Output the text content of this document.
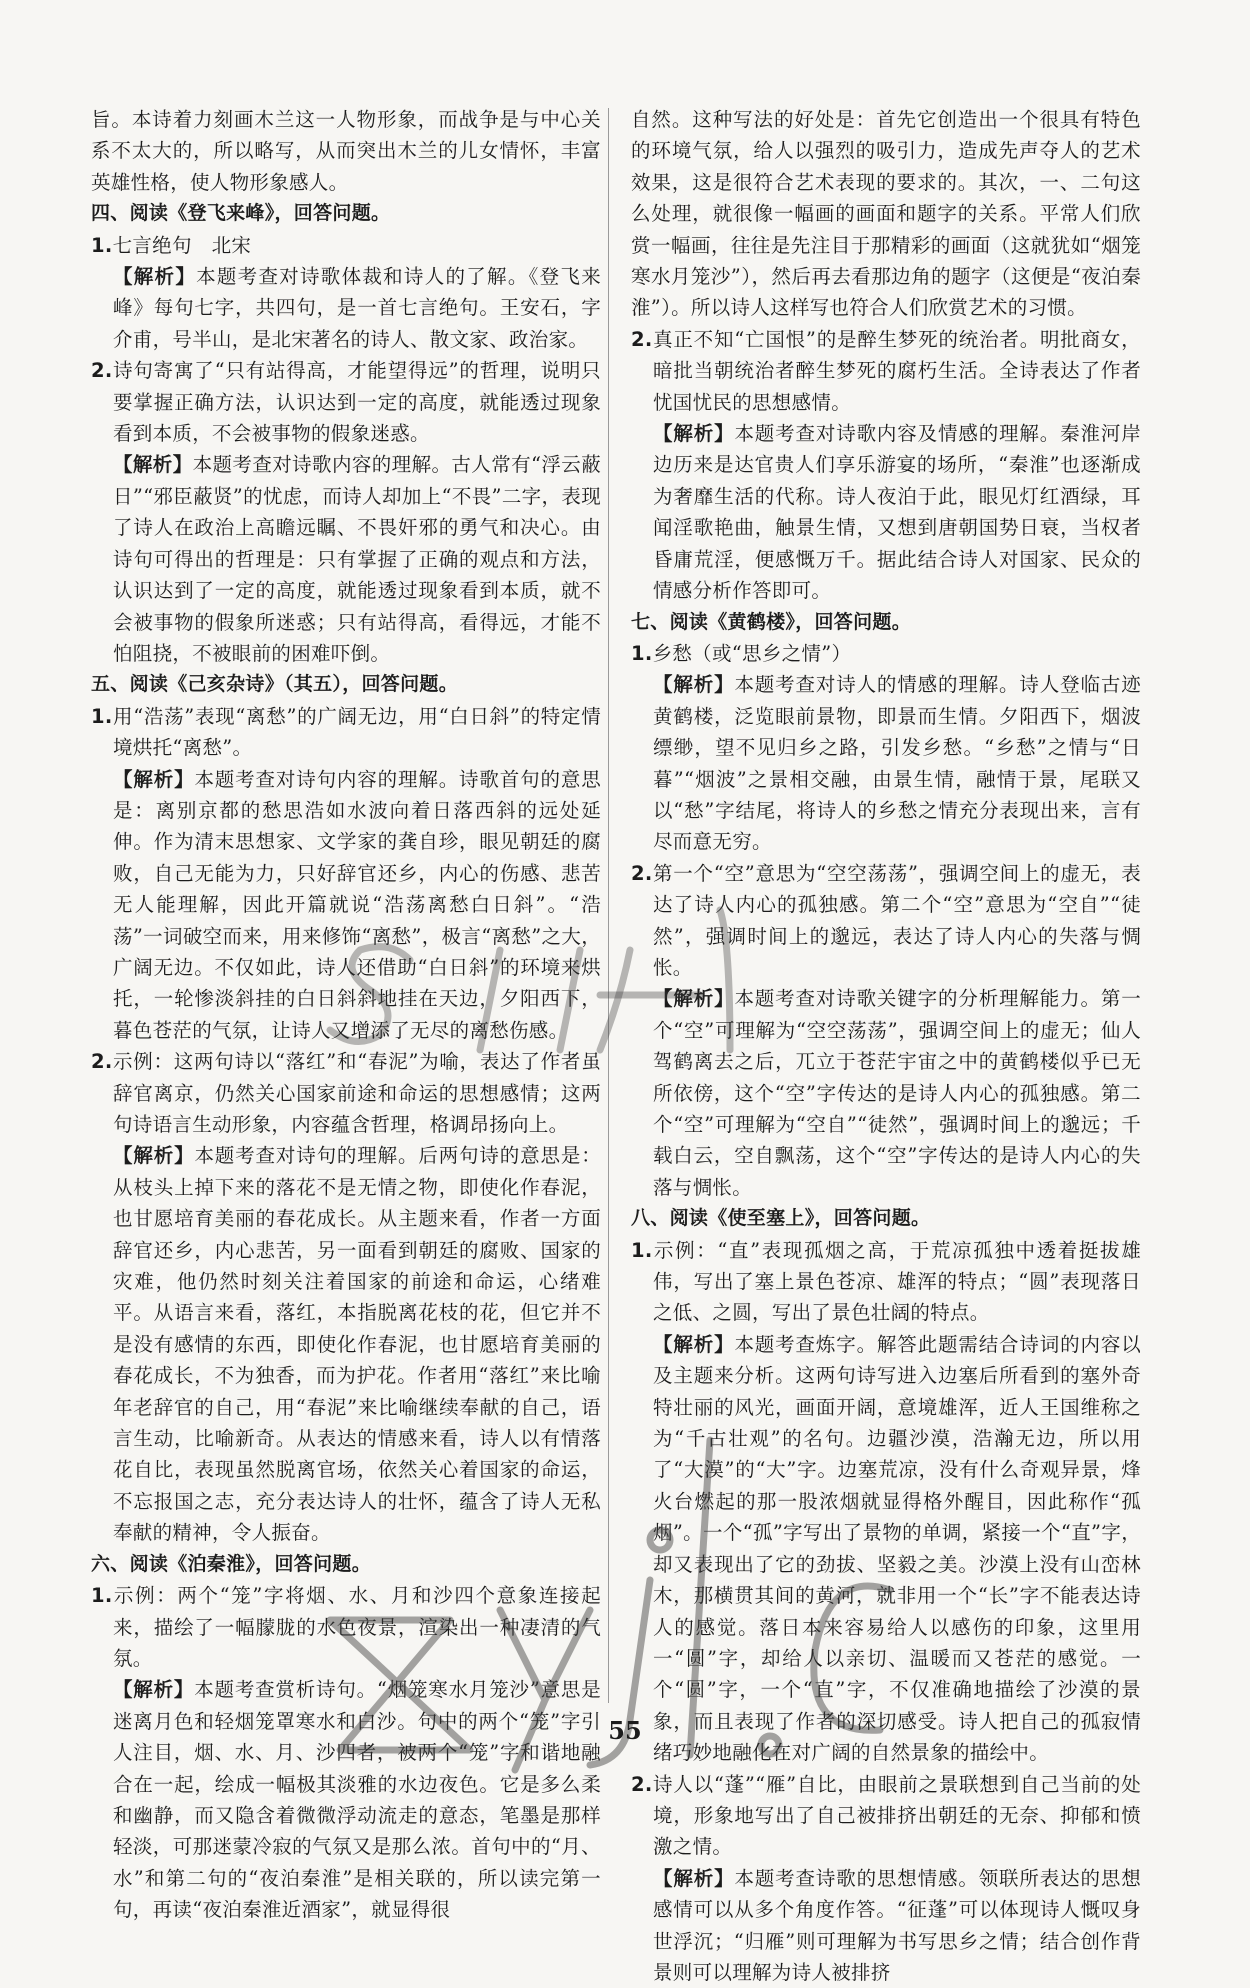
旨。本诗着力刻画木兰这一人物形象，而战争是与中心关系不太大的，所以略写，从而突出木兰的儿女情怀，丰富英雄性格，使人物形象感人。

四、阅读《登飞来峰》，回答问题。

1.七言绝句　北宋

【解析】本题考查对诗歌体裁和诗人的了解。《登飞来峰》每句七字，共四句，是一首七言绝句。王安石，字介甫，号半山，是北宋著名的诗人、散文家、政治家。

2.诗句寄寓了“只有站得高，才能望得远”的哲理，说明只要掌握正确方法，认识达到一定的高度，就能透过现象看到本质，不会被事物的假象迷惑。

【解析】本题考查对诗歌内容的理解。古人常有“浮云蔽日”“邪臣蔽贤”的忧虑，而诗人却加上“不畏”二字，表现了诗人在政治上高瞻远瞩、不畏奸邪的勇气和决心。由诗句可得出的哲理是：只有掌握了正确的观点和方法，认识达到了一定的高度，就能透过现象看到本质，就不会被事物的假象所迷惑；只有站得高，看得远，才能不怕阻挠，不被眼前的困难吓倒。

五、阅读《己亥杂诗》（其五），回答问题。

1.用“浩荡”表现“离愁”的广阔无边，用“白日斜”的特定情境烘托“离愁”。

【解析】本题考查对诗句内容的理解。诗歌首句的意思是：离别京都的愁思浩如水波向着日落西斜的远处延伸。作为清末思想家、文学家的龚自珍，眼见朝廷的腐败，自己无能为力，只好辞官还乡，内心的伤感、悲苦无人能理解，因此开篇就说“浩荡离愁白日斜”。“浩荡”一词破空而来，用来修饰“离愁”，极言“离愁”之大，广阔无边。不仅如此，诗人还借助“白日斜”的环境来烘托，一轮惨淡斜挂的白日斜斜地挂在天边，夕阳西下，暮色苍茫的气氛，让诗人又增添了无尽的离愁伤感。

2.示例：这两句诗以“落红”和“春泥”为喻，表达了作者虽辞官离京，仍然关心国家前途和命运的思想感情；这两句诗语言生动形象，内容蕴含哲理，格调昂扬向上。

【解析】本题考查对诗句的理解。后两句诗的意思是：从枝头上掉下来的落花不是无情之物，即使化作春泥，也甘愿培育美丽的春花成长。从主题来看，作者一方面辞官还乡，内心悲苦，另一面看到朝廷的腐败、国家的灾难，他仍然时刻关注着国家的前途和命运，心绪难平。从语言来看，落红，本指脱离花枝的花，但它并不是没有感情的东西，即使化作春泥，也甘愿培育美丽的春花成长，不为独香，而为护花。作者用“落红”来比喻年老辞官的自己，用“春泥”来比喻继续奉献的自己，语言生动，比喻新奇。从表达的情感来看，诗人以有情落花自比，表现虽然脱离官场，依然关心着国家的命运，不忘报国之志，充分表达诗人的壮怀，蕴含了诗人无私奉献的精神，令人振奋。

六、阅读《泊秦淮》，回答问题。

1.示例：两个“笼”字将烟、水、月和沙四个意象连接起来，描绘了一幅朦胧的水色夜景，渲染出一种凄清的气氛。

【解析】本题考查赏析诗句。“烟笼寒水月笼沙”意思是迷离月色和轻烟笼罩寒水和白沙。句中的两个“笼”字引人注目，烟、水、月、沙四者，被两个“笼”字和谐地融合在一起，绘成一幅极其淡雅的水边夜色。它是多么柔和幽静，而又隐含着微微浮动流走的意态，笔墨是那样轻淡，可那迷蒙冷寂的气氛又是那么浓。首句中的“月、水”和第二句的“夜泊秦淮”是相关联的，所以读完第一句，再读“夜泊秦淮近酒家”，就显得很

自然。这种写法的好处是：首先它创造出一个很具有特色的环境气氛，给人以强烈的吸引力，造成先声夺人的艺术效果，这是很符合艺术表现的要求的。其次，一、二句这么处理，就很像一幅画的画面和题字的关系。平常人们欣赏一幅画，往往是先注目于那精彩的画面（这就犹如“烟笼寒水月笼沙”），然后再去看那边角的题字（这便是“夜泊秦淮”）。所以诗人这样写也符合人们欣赏艺术的习惯。

2.真正不知“亡国恨”的是醉生梦死的统治者。明批商女，暗批当朝统治者醉生梦死的腐朽生活。全诗表达了作者忧国忧民的思想感情。

【解析】本题考查对诗歌内容及情感的理解。秦淮河岸边历来是达官贵人们享乐游宴的场所，“秦淮”也逐渐成为奢靡生活的代称。诗人夜泊于此，眼见灯红酒绿，耳闻淫歌艳曲，触景生情，又想到唐朝国势日衰，当权者昏庸荒淫，便感慨万千。据此结合诗人对国家、民众的情感分析作答即可。

七、阅读《黄鹤楼》，回答问题。

1.乡愁（或“思乡之情”）

【解析】本题考查对诗人的情感的理解。诗人登临古迹黄鹤楼，泛览眼前景物，即景而生情。夕阳西下，烟波缥缈，望不见归乡之路，引发乡愁。“乡愁”之情与“日暮”“烟波”之景相交融，由景生情，融情于景，尾联又以“愁”字结尾，将诗人的乡愁之情充分表现出来，言有尽而意无穷。

2.第一个“空”意思为“空空荡荡”，强调空间上的虚无，表达了诗人内心的孤独感。第二个“空”意思为“空自”“徒然”，强调时间上的邈远，表达了诗人内心的失落与惆怅。

【解析】本题考查对诗歌关键字的分析理解能力。第一个“空”可理解为“空空荡荡”，强调空间上的虚无；仙人驾鹤离去之后，兀立于苍茫宇宙之中的黄鹤楼似乎已无所依傍，这个“空”字传达的是诗人内心的孤独感。第二个“空”可理解为“空自”“徒然”，强调时间上的邈远；千载白云，空自飘荡，这个“空”字传达的是诗人内心的失落与惆怅。

八、阅读《使至塞上》，回答问题。

1.示例：“直”表现孤烟之高，于荒凉孤独中透着挺拔雄伟，写出了塞上景色苍凉、雄浑的特点；“圆”表现落日之低、之圆，写出了景色壮阔的特点。

【解析】本题考查炼字。解答此题需结合诗词的内容以及主题来分析。这两句诗写进入边塞后所看到的塞外奇特壮丽的风光，画面开阔，意境雄浑，近人王国维称之为“千古壮观”的名句。边疆沙漠，浩瀚无边，所以用了“大漠”的“大”字。边塞荒凉，没有什么奇观异景，烽火台燃起的那一股浓烟就显得格外醒目，因此称作“孤烟”。一个“孤”字写出了景物的单调，紧接一个“直”字，却又表现出了它的劲拔、坚毅之美。沙漠上没有山峦林木，那横贯其间的黄河，就非用一个“长”字不能表达诗人的感觉。落日本来容易给人以感伤的印象，这里用一“圆”字，却给人以亲切、温暖而又苍茫的感觉。一个“圆”字，一个“直”字，不仅准确地描绘了沙漠的景象，而且表现了作者的深切感受。诗人把自己的孤寂情绪巧妙地融化在对广阔的自然景象的描绘中。

2.诗人以“蓬”“雁”自比，由眼前之景联想到自己当前的处境，形象地写出了自己被排挤出朝廷的无奈、抑郁和愤激之情。

【解析】本题考查诗歌的思想情感。领联所表达的思想感情可以从多个角度作答。“征蓬”可以体现诗人慨叹身世浮沉；“归雁”则可理解为书写思乡之情；结合创作背景则可以理解为诗人被排挤

55
